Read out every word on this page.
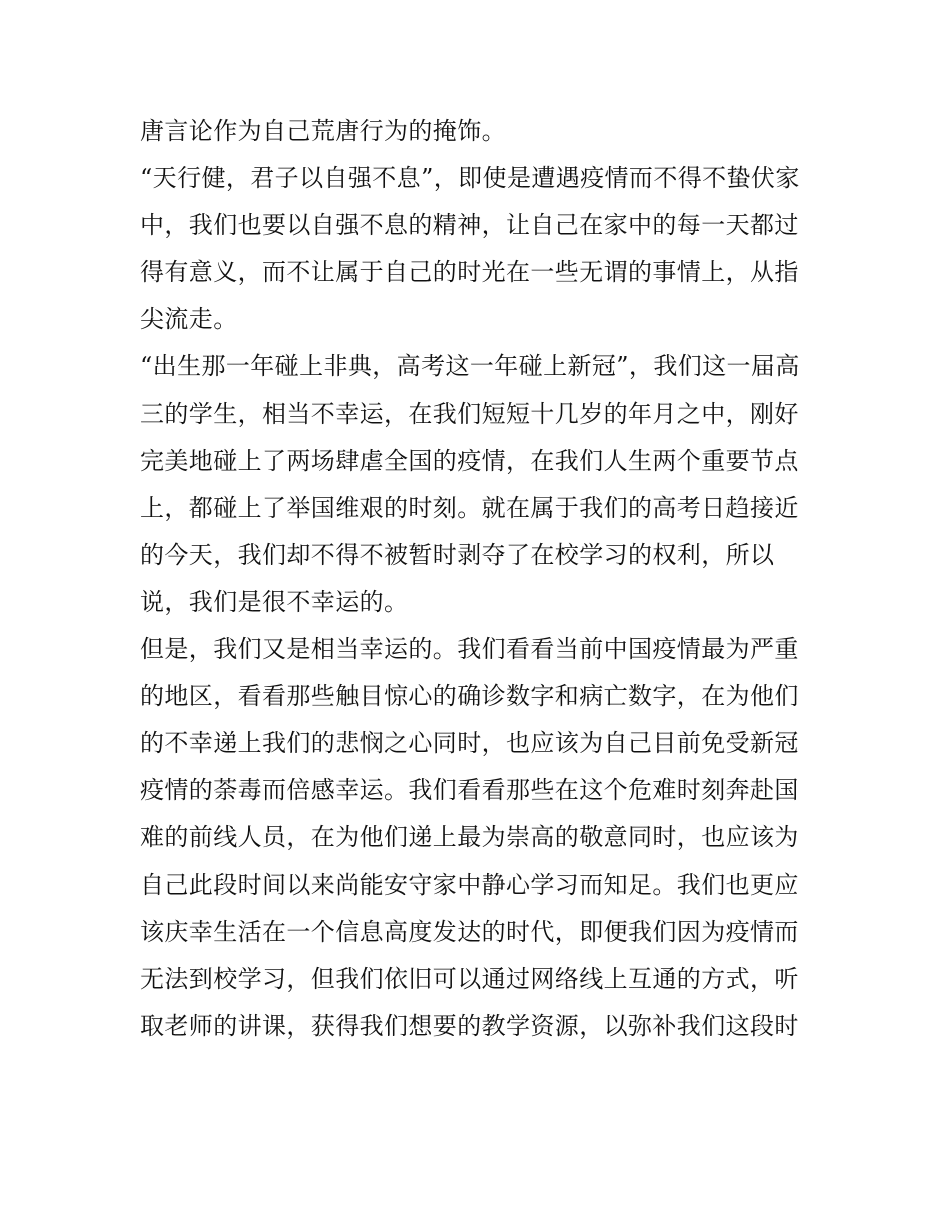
唐言论作为自己荒唐行为的掩饰。
“天行健，君子以自强不息”，即使是遭遇疫情而不得不蛰伏家
中，我们也要以自强不息的精神，让自己在家中的每一天都过
得有意义，而不让属于自己的时光在一些无谓的事情上，从指
尖流走。
“出生那一年碰上非典，高考这一年碰上新冠”，我们这一届高
三的学生，相当不幸运，在我们短短十几岁的年月之中，刚好
完美地碰上了两场肆虐全国的疫情，在我们人生两个重要节点
上，都碰上了举国维艰的时刻。就在属于我们的高考日趋接近
的今天，我们却不得不被暂时剥夺了在校学习的权利，所以
说，我们是很不幸运的。
但是，我们又是相当幸运的。我们看看当前中国疫情最为严重
的地区，看看那些触目惊心的确诊数字和病亡数字，在为他们
的不幸递上我们的悲悯之心同时，也应该为自己目前免受新冠
疫情的荼毒而倍感幸运。我们看看那些在这个危难时刻奔赴国
难的前线人员，在为他们递上最为崇高的敬意同时，也应该为
自己此段时间以来尚能安守家中静心学习而知足。我们也更应
该庆幸生活在一个信息高度发达的时代，即便我们因为疫情而
无法到校学习，但我们依旧可以通过网络线上互通的方式，听
取老师的讲课，获得我们想要的教学资源，以弥补我们这段时
